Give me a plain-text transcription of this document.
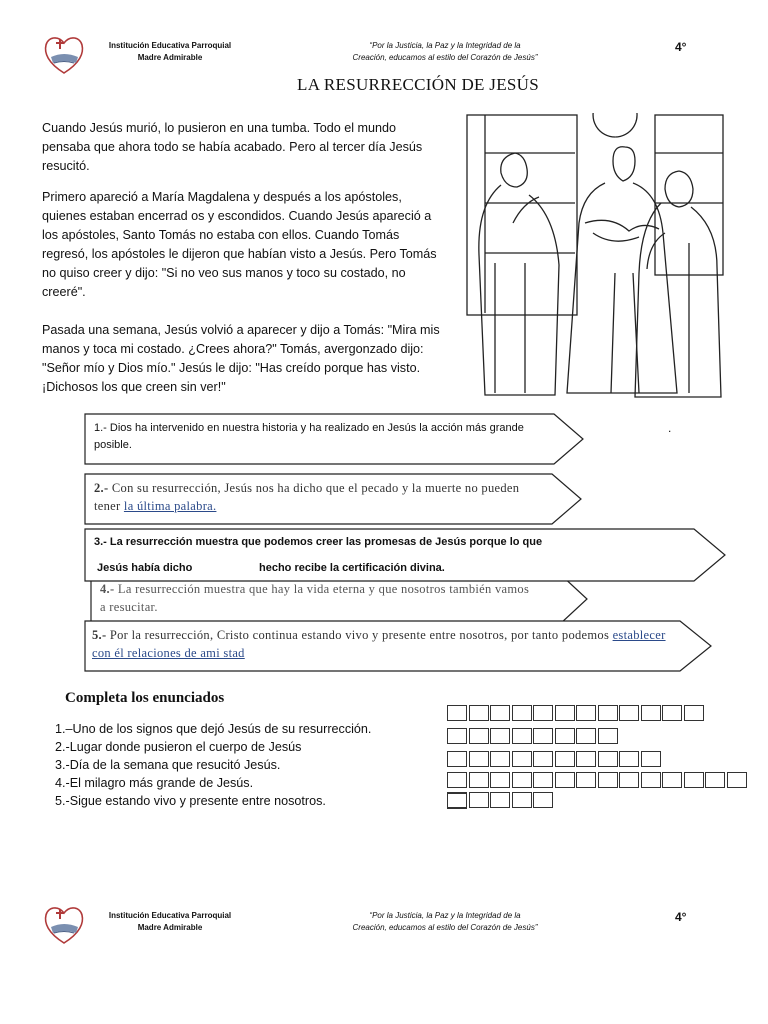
Institución Educativa Parroquial
Madre Admirable
“Por la Justicia, la Paz y la Integridad de la
Creación, educamos al estilo del Corazón de Jesús”
4°
LA RESURRECCIÓN DE JESÚS

Cuando Jesús murió, lo pusieron en una tumba. Todo el mundo pensaba que ahora todo se había acabado. Pero al tercer día Jesús resucitó.

Primero apareció a María Magdalena y después a los apóstoles, quienes estaban encerrad os y escondidos. Cuando Jesús apareció a los apóstoles, Santo Tomás no estaba con ellos. Cuando Tomás regresó, los apóstoles le dijeron que habían visto a Jesús. Pero Tomás no quiso creer y dijo: "Si no veo sus manos y toco su costado, no creeré".

Pasada una semana, Jesús volvió a aparecer y dijo a Tomás: "Mira mis manos y toca mi costado. ¿Crees ahora?" Tomás, avergonzado dijo: "Señor mío y Dios mío." Jesús le dijo: "Has creído porque has visto. ¡Dichosos los que creen sin ver!"

1.- Dios ha intervenido en nuestra historia y ha realizado en Jesús la acción más grande posible.
2.- Con su resurrección, Jesús nos ha dicho que el pecado y la muerte no pueden tener la última palabra.
4.- La resurrección muestra que hay la vida eterna y que nosotros también vamos a resucitar.
3.- La resurrección muestra que podemos creer las promesas de Jesús porque lo que
Jesús había dicho	hecho recibe la certificación divina.
5.- Por la resurrección, Cristo continua estando vivo y presente entre nosotros, por tanto podemos establecer con él relaciones de ami stad
.
Completa los enunciados
1.–Uno de los signos que dejó Jesús de su resurrección.
2.-Lugar donde pusieron el cuerpo de Jesús
3.-Día de la semana que resucitó Jesús.
4.-El milagro más grande de Jesús.
5.-Sigue estando vivo y presente entre nosotros.
Institución Educativa Parroquial
Madre Admirable
“Por la Justicia, la Paz y la Integridad de la
Creación, educamos al estilo del Corazón de Jesús”
4°
